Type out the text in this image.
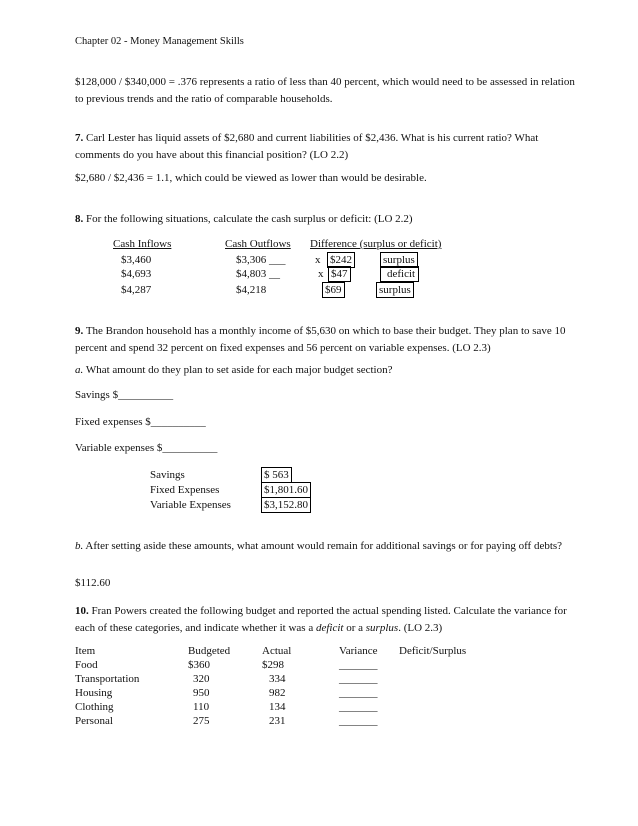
Chapter 02 - Money Management Skills
$128,000 / $340,000 = .376 represents a ratio of less than 40 percent, which would need to be assessed in relation to previous trends and the ratio of comparable households.
7. Carl Lester has liquid assets of $2,680 and current liabilities of $2,436. What is his current ratio? What comments do you have about this financial position? (LO 2.2)
$2,680 / $2,436 = 1.1, which could be viewed as lower than would be desirable.
8. For the following situations, calculate the cash surplus or deficit: (LO 2.2)
Cash Inflows	Cash Outflows Difference (surplus or deficit)
$3,460	$3,306 ___	x $242	surplus
$4,693	$4,803 __	x $47	deficit
$4,287	$4,218	$69	surplus
9. The Brandon household has a monthly income of $5,630 on which to base their budget. They plan to save 10 percent and spend 32 percent on fixed expenses and 56 percent on variable expenses. (LO 2.3)
a. What amount do they plan to set aside for each major budget section?
Savings $__________
Fixed expenses $__________
Variable expenses $__________
Savings	$ 563
Fixed Expenses	$1,801.60
Variable Expenses	$3,152.80
b. After setting aside these amounts, what amount would remain for additional savings or for paying off debts?
$112.60
10. Fran Powers created the following budget and reported the actual spending listed. Calculate the variance for each of these categories, and indicate whether it was a deficit or a surplus. (LO 2.3)
Item	Budgeted	Actual	Variance Deficit/Surplus
Food	$360	$298	_______
Transportation	320	334	_______
Housing	950	982	_______
Clothing	110	134	_______
Personal	275	231	_______
